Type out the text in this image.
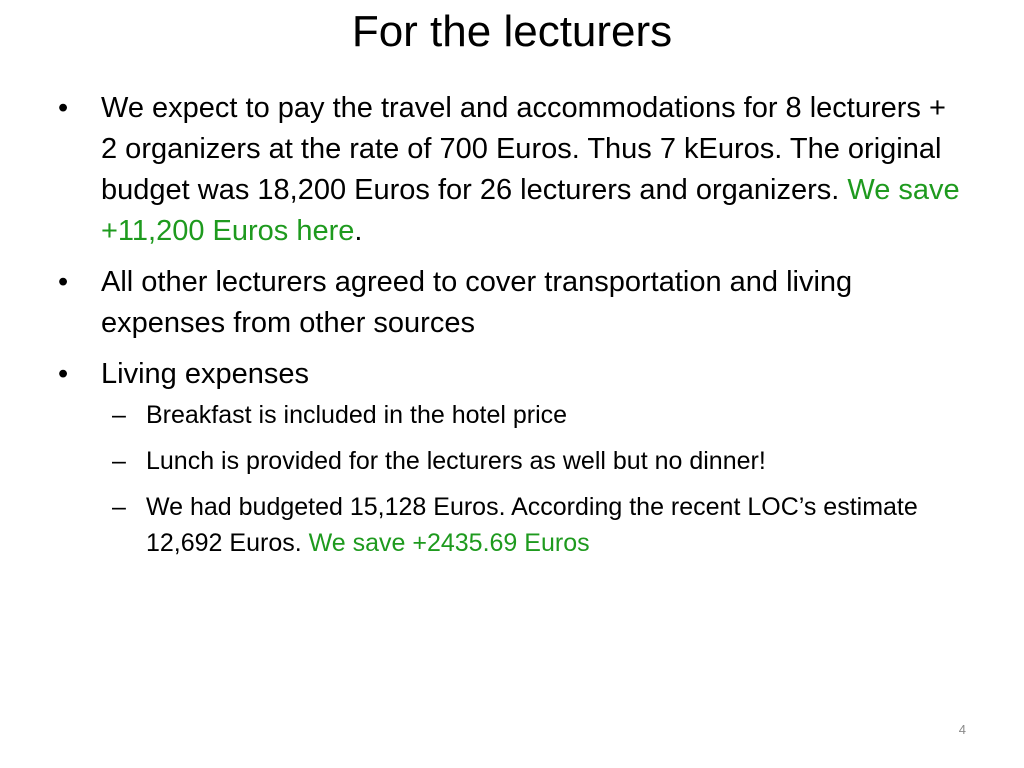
For the lecturers
• We expect to pay the travel and accommodations for 8 lecturers + 2 organizers at the rate of 700 Euros. Thus 7 kEuros. The original budget was 18,200 Euros for 26 lecturers and organizers. We save +11,200 Euros here.
• All other lecturers agreed to cover transportation and living expenses from other sources
• Living expenses
– Breakfast is included in the hotel price
– Lunch is provided for the lecturers as well but no dinner!
– We had budgeted 15,128 Euros. According the recent LOC’s estimate 12,692 Euros. We save +2435.69 Euros
4
